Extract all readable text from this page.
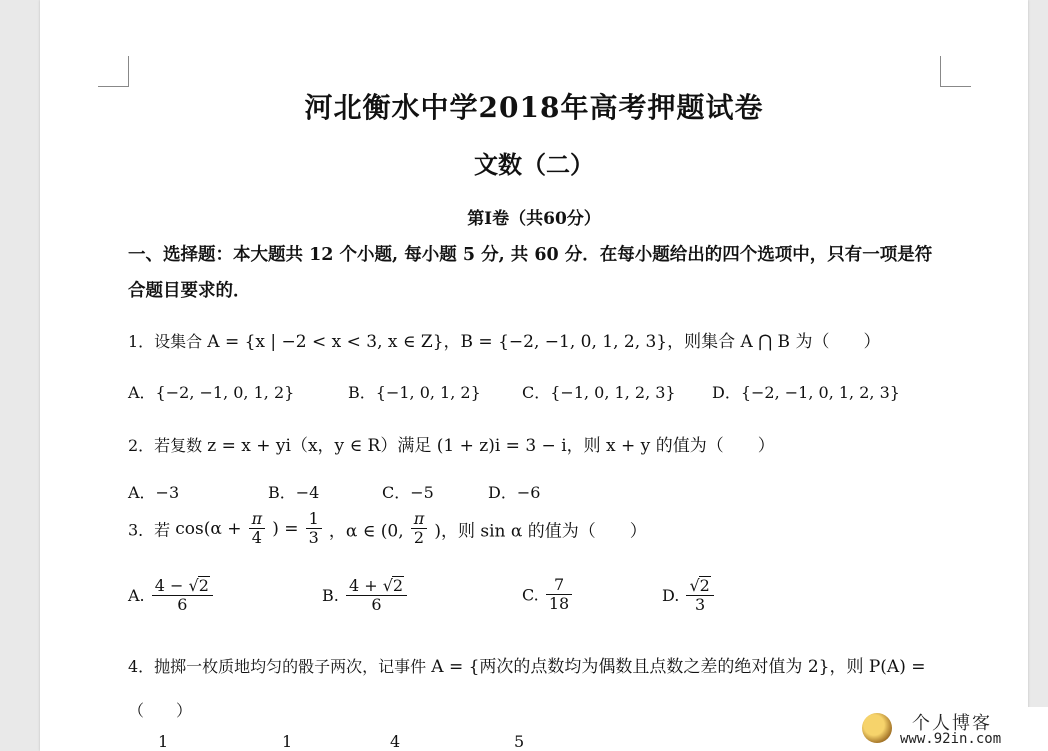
河北衡水中学2018年高考押题试卷
文数（二）
第Ⅰ卷（共60分）
一、选择题：本大题共 12 个小题, 每小题 5 分, 共 60 分．在每小题给出的四个选项中，只有一项是符合题目要求的．
1．设集合 A = {x | −2 < x < 3, x ∈ Z}，B = {−2, −1, 0, 1, 2, 3}，则集合 A ⋂ B 为（　　）
A．{−2, −1, 0, 1, 2}	B．{−1, 0, 1, 2}	C．{−1, 0, 1, 2, 3} D．{−2, −1, 0, 1, 2, 3}
2．若复数 z = x + yi（x，y ∈ R）满足 (1 + z)i = 3 − i，则 x + y 的值为（　　）
A．−3	B．−4	C．−5	D．−6
3．若 $\cos(\alpha + \frac{\pi}{4}$ ) = $\frac{1}{3}$ ，α ∈ (0, $\frac{\pi}{2}$ )，则 sin α 的值为（　　）
A. $\frac{4 - √2}{6}$	B. $\frac{4 + √2}{6}$	C. $\frac{7}{18}$	D. $\frac{√2}{3}$
4．抛掷一枚质地均匀的骰子两次，记事件 A = {两次的点数均为偶数且点数之差的绝对值为 2}，则 P(A) =
（　　）
1	1	4	5
个人博客
www.92in.com
